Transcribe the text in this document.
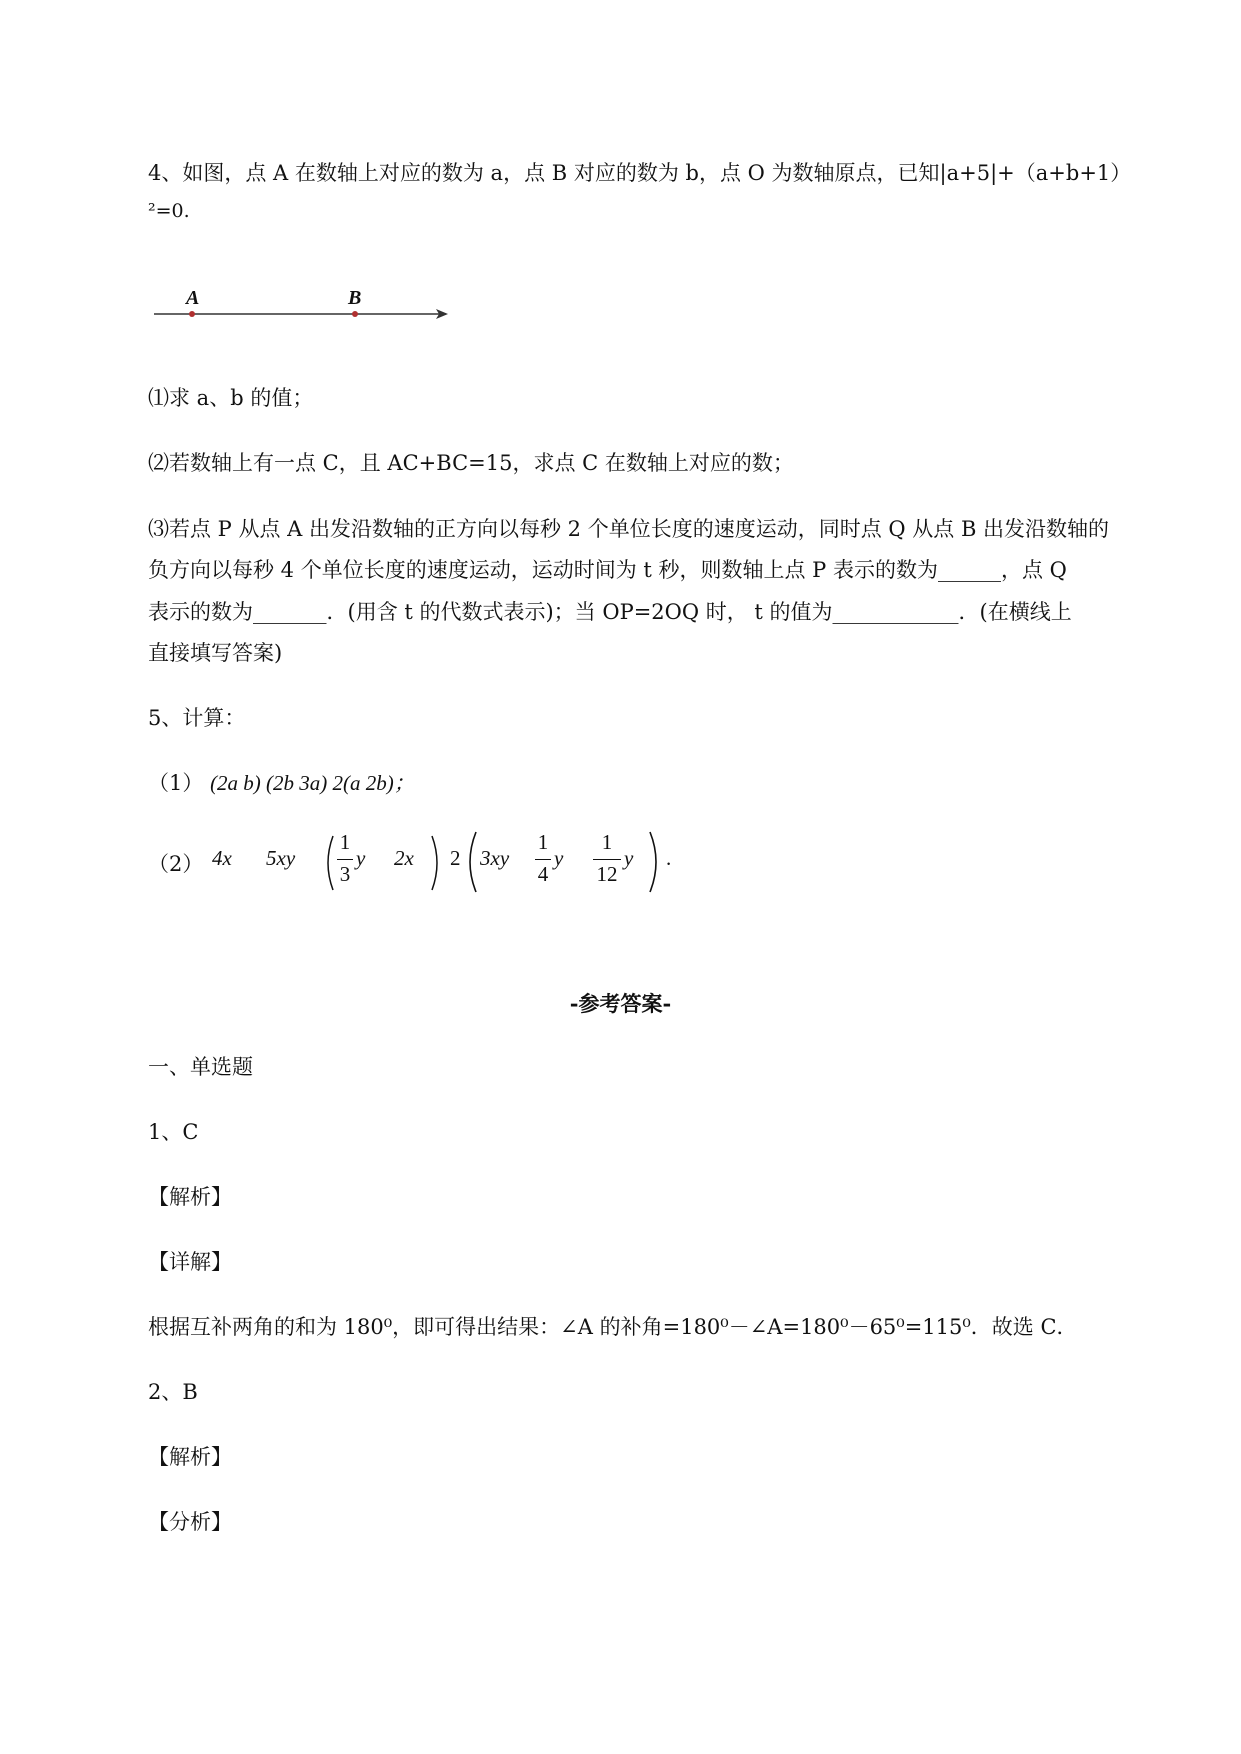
4、如图，点 A 在数轴上对应的数为 a，点 B 对应的数为 b，点 O 为数轴原点，已知|a+5|+（a+b+1）
²=0.
A	B
⑴求 a、b 的值；
⑵若数轴上有一点 C，且 AC+BC=15，求点 C 在数轴上对应的数；
⑶若点 P 从点 A 出发沿数轴的正方向以每秒 2 个单位长度的速度运动，同时点 Q 从点 B 出发沿数轴的
负方向以每秒 4 个单位长度的速度运动，运动时间为 t 秒，则数轴上点 P 表示的数为______，点 Q
表示的数为_______．(用含 t 的代数式表示)；当 OP=2OQ 时， t 的值为____________．(在横线上
直接填写答案)
5、计算：
（1） (2a b) (2b 3a) 2(a 2b)；
（2） 4x 5xy
1
3
y 2x 2 3xy
1
4
y
1
12
y .
-参考答案-
一、单选题
1、C
【解析】
【详解】
根据互补两角的和为 180⁰，即可得出结果：∠A 的补角=180⁰－∠A=180⁰－65⁰=115⁰．故选 C．
2、B
【解析】
【分析】
